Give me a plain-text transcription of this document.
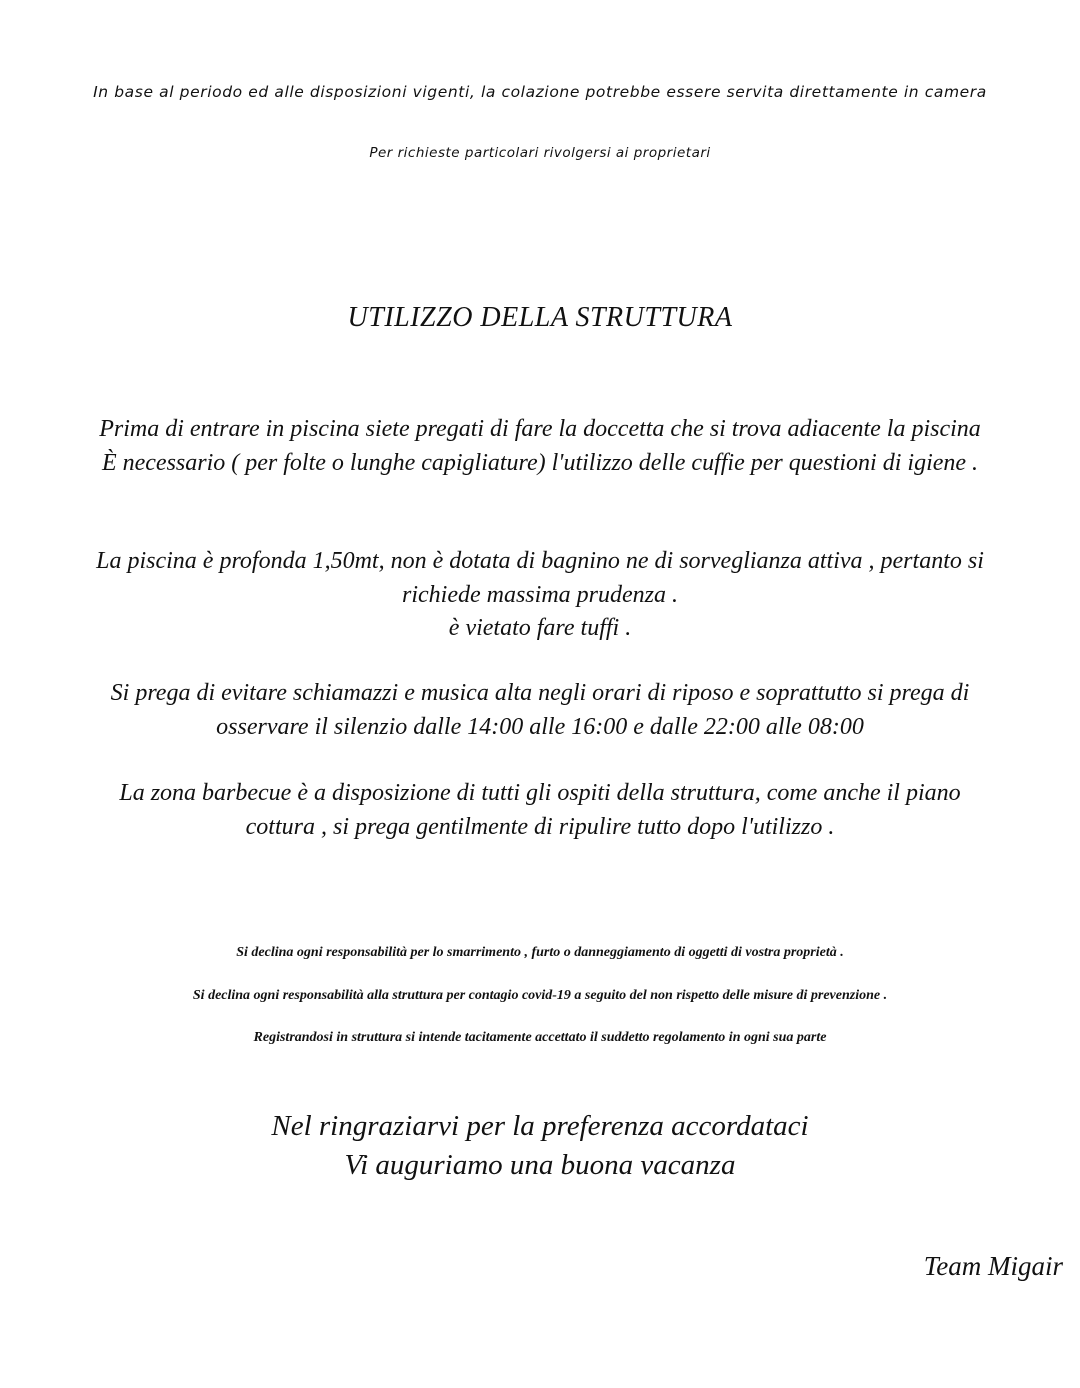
In base al periodo ed alle disposizioni vigenti, la colazione potrebbe essere servita direttamente in camera

Per richieste particolari rivolgersi ai proprietari

UTILIZZO DELLA STRUTTURA

Prima di entrare in piscina siete pregati di fare la doccetta che si trova adiacente la piscina

È necessario ( per folte o lunghe capigliature) l'utilizzo delle cuffie per questioni di igiene .

La piscina è profonda 1,50mt, non è dotata di bagnino ne di sorveglianza attiva , pertanto si

richiede massima prudenza .

è vietato fare tuffi .

Si prega di evitare schiamazzi e musica alta negli orari di riposo e soprattutto si prega di

osservare il silenzio dalle 14:00 alle 16:00 e dalle 22:00 alle 08:00

La zona barbecue è a disposizione di tutti gli ospiti della struttura, come anche il piano

cottura , si prega gentilmente di ripulire tutto dopo l'utilizzo .

Si declina ogni responsabilità per lo smarrimento , furto o danneggiamento di oggetti di vostra proprietà .

Si declina ogni responsabilità alla struttura per contagio covid-19 a seguito del non rispetto delle misure di prevenzione .

Registrandosi in struttura si intende tacitamente accettato il suddetto regolamento in ogni sua parte

Nel ringraziarvi per la preferenza accordataci

Vi auguriamo una buona vacanza

Team Migair
